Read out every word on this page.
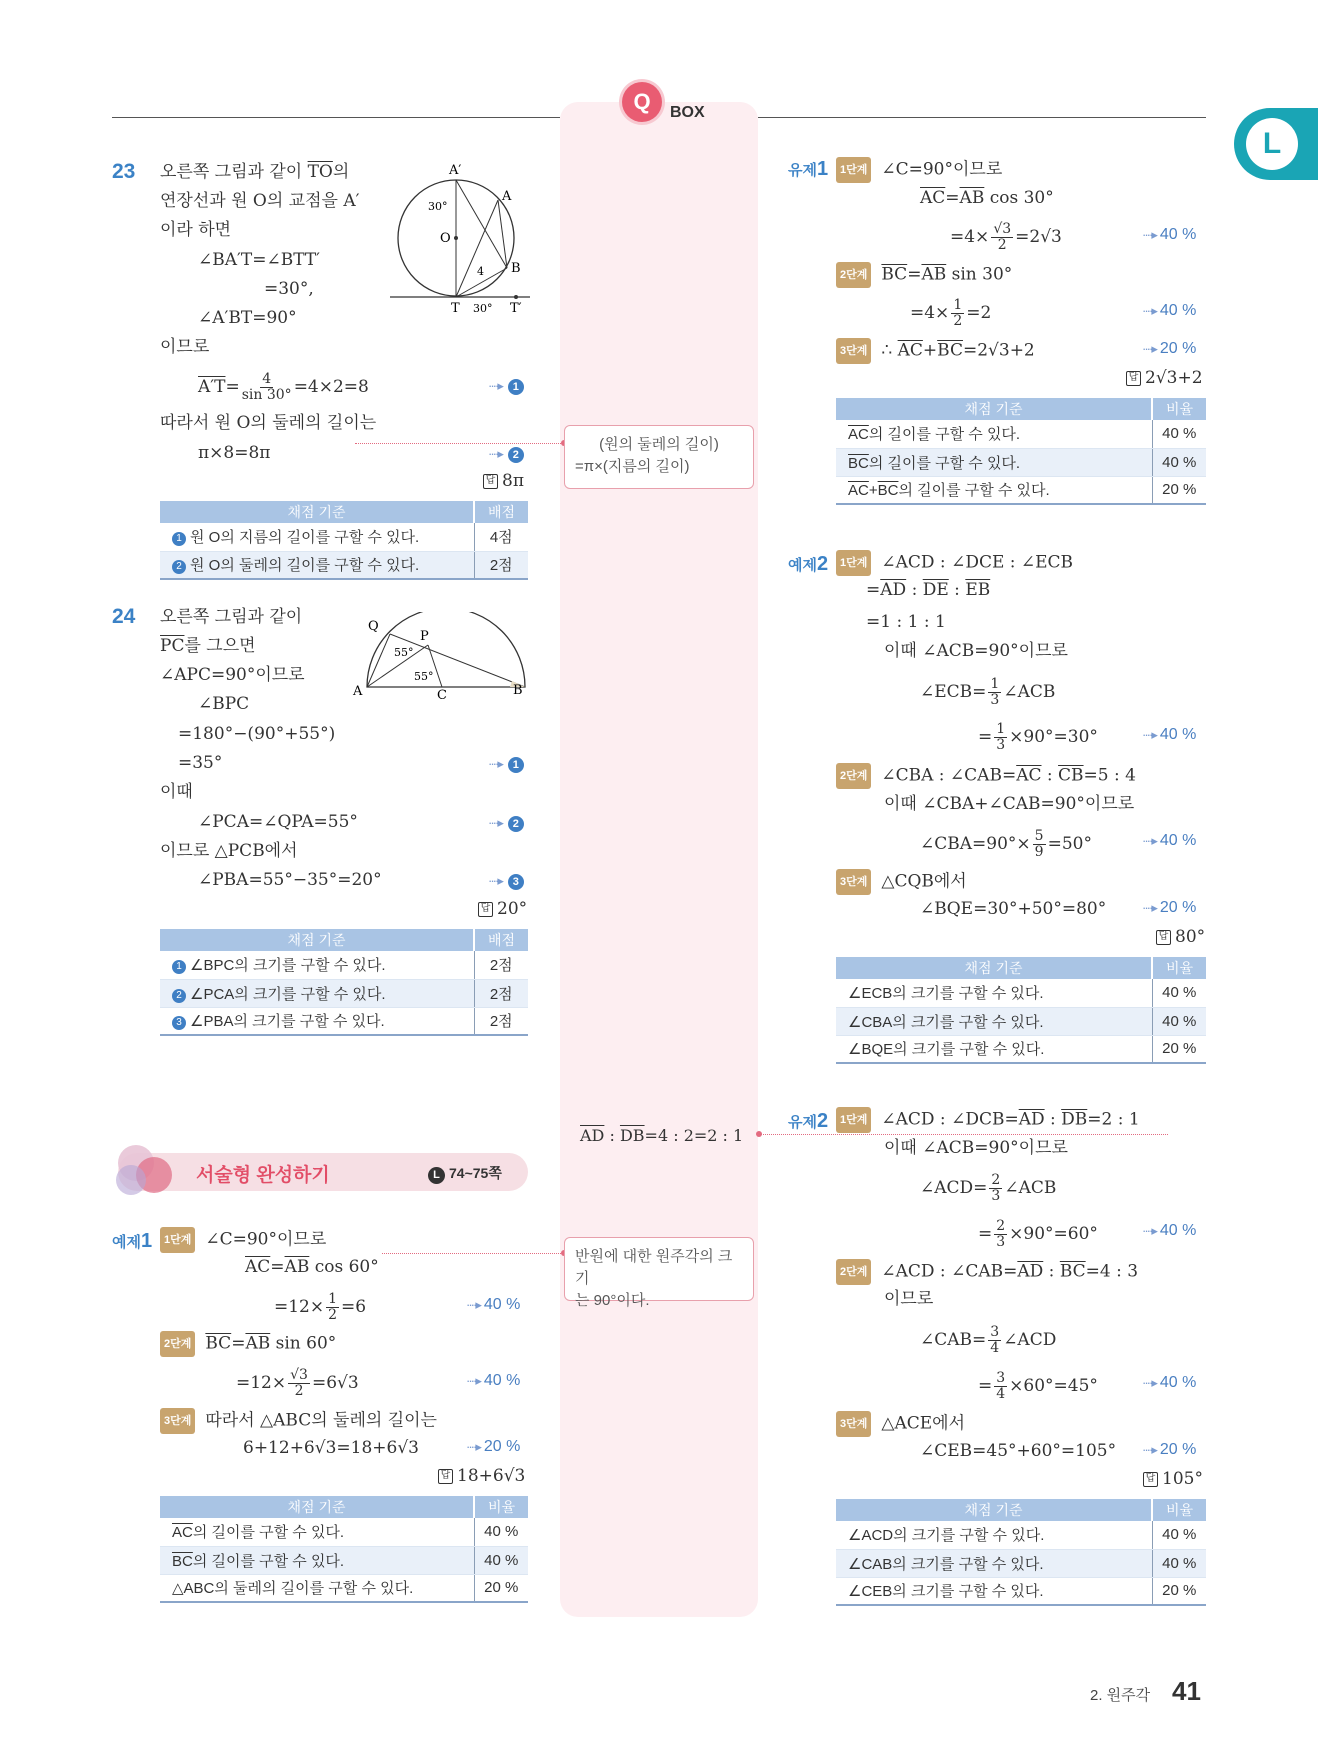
Q	BOX
L
23 오른쪽 그림과 같이 $\overline{TO}$의
연장선과 원 O의 교점을 A′
이라 하면
∠BA′T=∠BTT′
=30°,
∠A′BT=90°
이므로
$A'T= \frac{4}{\sin 30^\circ} =4\times 2=8$	····▸ 1
따라서 원 O의 둘레의 길이는
π×8=8π	····▸ 2
답 8π
A′
A
O
B
T	T′
30°
30°
4
채점 기준	배점
1 원 O의 지름의 길이를 구할 수 있다.	4점
2 원 O의 둘레의 길이를 구할 수 있다.	2점
24 오른쪽 그림과 같이
$\overline{PC}$를 그으면
∠APC=90°이므로
∠BPC
=180°−(90°+55°)
=35°	····▸ 1
이때
∠PCA=∠QPA=55°	····▸ 2
이므로 △PCB에서
∠PBA=55°−35°=20°	····▸ 3
답 20°
Q
P
A	C	B
55°
55°
채점 기준	배점
1 ∠BPC의 크기를 구할 수 있다.	2점
2 ∠PCA의 크기를 구할 수 있다.	2점
3 ∠PBA의 크기를 구할 수 있다.	2점
서술형 완성하기	L 74~75쪽
예제1	1단계 ∠C=90°이므로
$\overline{AC}=\overline{AB}$ cos 60°
$=12\times \frac{1}{2} =6$	····▸ 40 %
2단계 $\overline{BC}=\overline{AB}$ sin 60°
$=12\times \frac{√3}{2} =6√3$	····▸ 40 %
3단계 따라서 △ABC의 둘레의 길이는
6+12+6√3=18+6√3	····▸ 20 %
답 18+6√3
채점 기준	비율
$\overline{AC}$의 길이를 구할 수 있다.	40 %
$\overline{BC}$의 길이를 구할 수 있다.	40 %
△ABC의 둘레의 길이를 구할 수 있다.	20 %
(원의 둘레의 길이)
=π×(지름의 길이)
$\overline{AD}$ : $\overline{DB}=4$ : 2=2 : 1
반원에 대한 원주각의 크기
는 90°이다.
유제1	1단계 ∠C=90°이므로
$\overline{AC}=\overline{AB}$ cos 30°
$=4\times \frac{√3}{2} =2√3$	····▸ 40 %
2단계 $\overline{BC}=\overline{AB}$ sin 30°
$=4\times \frac{1}{2} =2$	····▸ 40 %
3단계 ∴ $\overline{AC}+\overline{BC}=2√3+2$	····▸ 20 %
답 2√3+2
채점 기준	비율
$\overline{AC}$의 길이를 구할 수 있다.	40 %
$\overline{BC}$의 길이를 구할 수 있다.	40 %
$\overline{AC}+\overline{BC}$의 길이를 구할 수 있다.	20 %
예제2	1단계 ∠ACD : ∠DCE : ∠ECB
$=\overline{AD}$ : $\overline{DE}$ : $\overline{EB}$
=1 : 1 : 1
이때 ∠ACB=90°이므로
∠ECB= $\frac{1}{3}$ ∠ACB
= $\frac{1}{3} \times 90^\circ=30^\circ$	····▸ 40 %
2단계 ∠CBA : $\angle CAB=\overline{AC}$ : $\overline{CB}=5$ : 4
이때 ∠CBA+∠CAB=90°이므로
∠CBA=90°× $\frac{5}{9} =50^\circ$	····▸ 40 %
3단계 △CQB에서
∠BQE=30°+50°=80°	····▸ 20 %
답 80°
채점 기준	비율
∠ECB의 크기를 구할 수 있다.	40 %
∠CBA의 크기를 구할 수 있다.	40 %
∠BQE의 크기를 구할 수 있다.	20 %
유제2	1단계 ∠ACD : $\angle DCB=\overline{AD}$ : $\overline{DB}=2$ : 1
이때 ∠ACB=90°이므로
∠ACD= $\frac{2}{3}$ ∠ACB
= $\frac{2}{3} \times 90^\circ=60^\circ$	····▸ 40 %
2단계 ∠ACD : $\angle CAB=\overline{AD}$ : $\overline{BC}=4$ : 3
이므로
∠CAB= $\frac{3}{4}$ ∠ACD
= $\frac{3}{4} \times 60^\circ=45^\circ$	····▸ 40 %
3단계 △ACE에서
∠CEB=45°+60°=105° ····▸ 20 %
답 105°
채점 기준	비율
∠ACD의 크기를 구할 수 있다.	40 %
∠CAB의 크기를 구할 수 있다.	40 %
∠CEB의 크기를 구할 수 있다.	20 %
2. 원주각 41
